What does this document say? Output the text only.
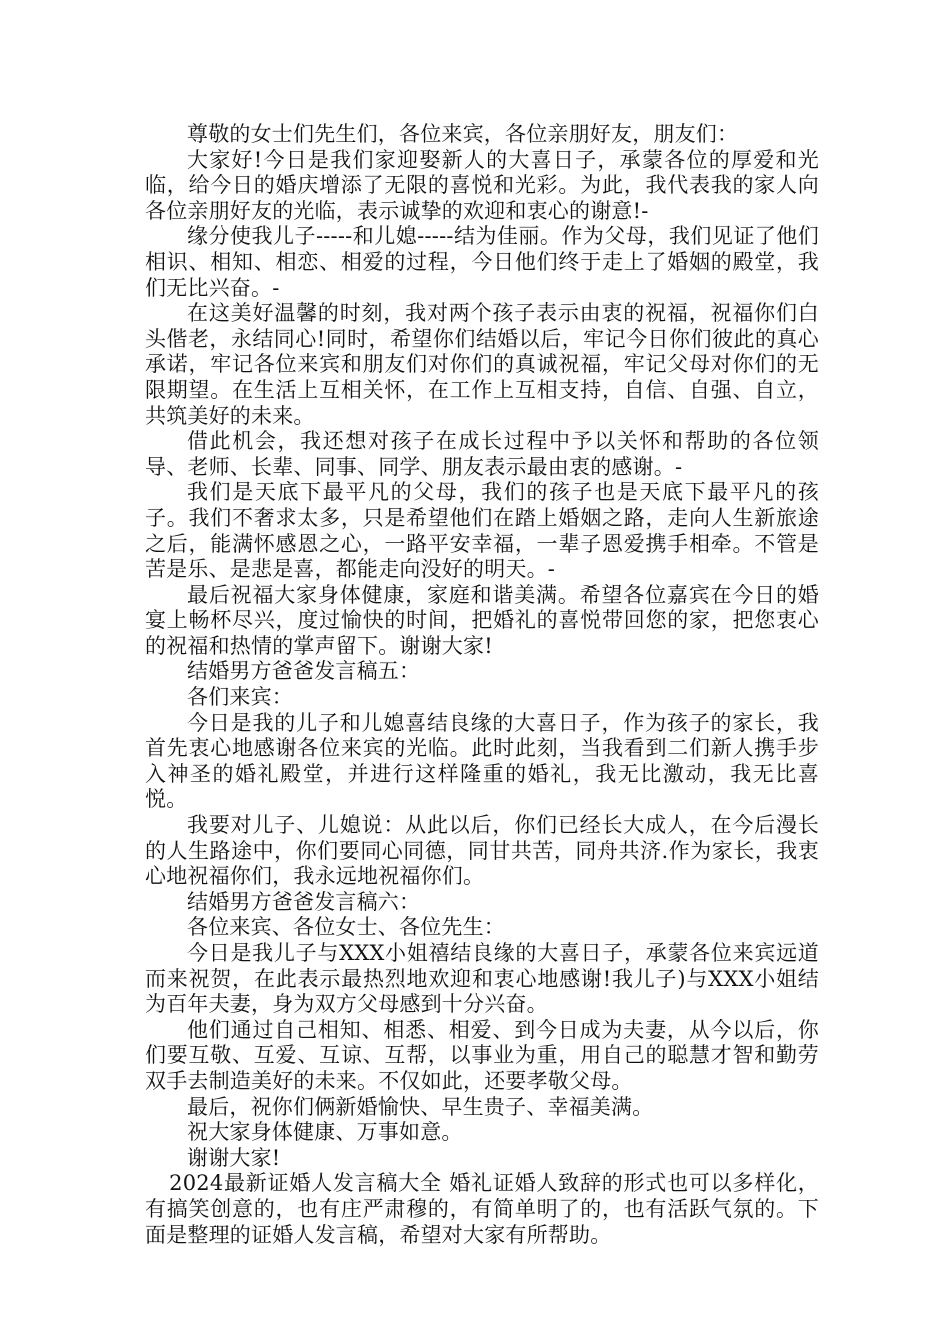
尊敬的女士们先生们，各位来宾，各位亲朋好友，朋友们：

大家好!今日是我们家迎娶新人的大喜日子，承蒙各位的厚爱和光临，给今日的婚庆增添了无限的喜悦和光彩。为此，我代表我的家人向各位亲朋好友的光临，表示诚挚的欢迎和衷心的谢意!-

缘分使我儿子-----和儿媳-----结为佳丽。作为父母，我们见证了他们相识、相知、相恋、相爱的过程，今日他们终于走上了婚姻的殿堂，我们无比兴奋。-

在这美好温馨的时刻，我对两个孩子表示由衷的祝福，祝福你们白头偕老，永结同心!同时，希望你们结婚以后，牢记今日你们彼此的真心承诺，牢记各位来宾和朋友们对你们的真诚祝福，牢记父母对你们的无限期望。在生活上互相关怀，在工作上互相支持，自信、自强、自立，共筑美好的未来。

借此机会，我还想对孩子在成长过程中予以关怀和帮助的各位领导、老师、长辈、同事、同学、朋友表示最由衷的感谢。-

我们是天底下最平凡的父母，我们的孩子也是天底下最平凡的孩子。我们不奢求太多，只是希望他们在踏上婚姻之路，走向人生新旅途之后，能满怀感恩之心，一路平安幸福，一辈子恩爱携手相牵。不管是苦是乐、是悲是喜，都能走向没好的明天。-

最后祝福大家身体健康，家庭和谐美满。希望各位嘉宾在今日的婚宴上畅杯尽兴，度过愉快的时间，把婚礼的喜悦带回您的家，把您衷心的祝福和热情的掌声留下。谢谢大家!

结婚男方爸爸发言稿五：

各们来宾：

今日是我的儿子和儿媳喜结良缘的大喜日子，作为孩子的家长，我首先衷心地感谢各位来宾的光临。此时此刻，当我看到二们新人携手步入神圣的婚礼殿堂，并进行这样隆重的婚礼，我无比激动，我无比喜悦。

我要对儿子、儿媳说：从此以后，你们已经长大成人，在今后漫长的人生路途中，你们要同心同德，同甘共苦，同舟共济.作为家长，我衷心地祝福你们，我永远地祝福你们。

结婚男方爸爸发言稿六：

各位来宾、各位女士、各位先生：

今日是我儿子与XXX小姐禧结良缘的大喜日子，承蒙各位来宾远道而来祝贺，在此表示最热烈地欢迎和衷心地感谢!我儿子)与XXX小姐结为百年夫妻，身为双方父母感到十分兴奋。

他们通过自己相知、相悉、相爱、到今日成为夫妻，从今以后，你们要互敬、互爱、互谅、互帮，以事业为重，用自己的聪慧才智和勤劳双手去制造美好的未来。不仅如此，还要孝敬父母。

最后，祝你们俩新婚愉快、早生贵子、幸福美满。

祝大家身体健康、万事如意。

谢谢大家!

2024最新证婚人发言稿大全 婚礼证婚人致辞的形式也可以多样化，有搞笑创意的，也有庄严肃穆的，有简单明了的，也有活跃气氛的。下面是整理的证婚人发言稿，希望对大家有所帮助。
